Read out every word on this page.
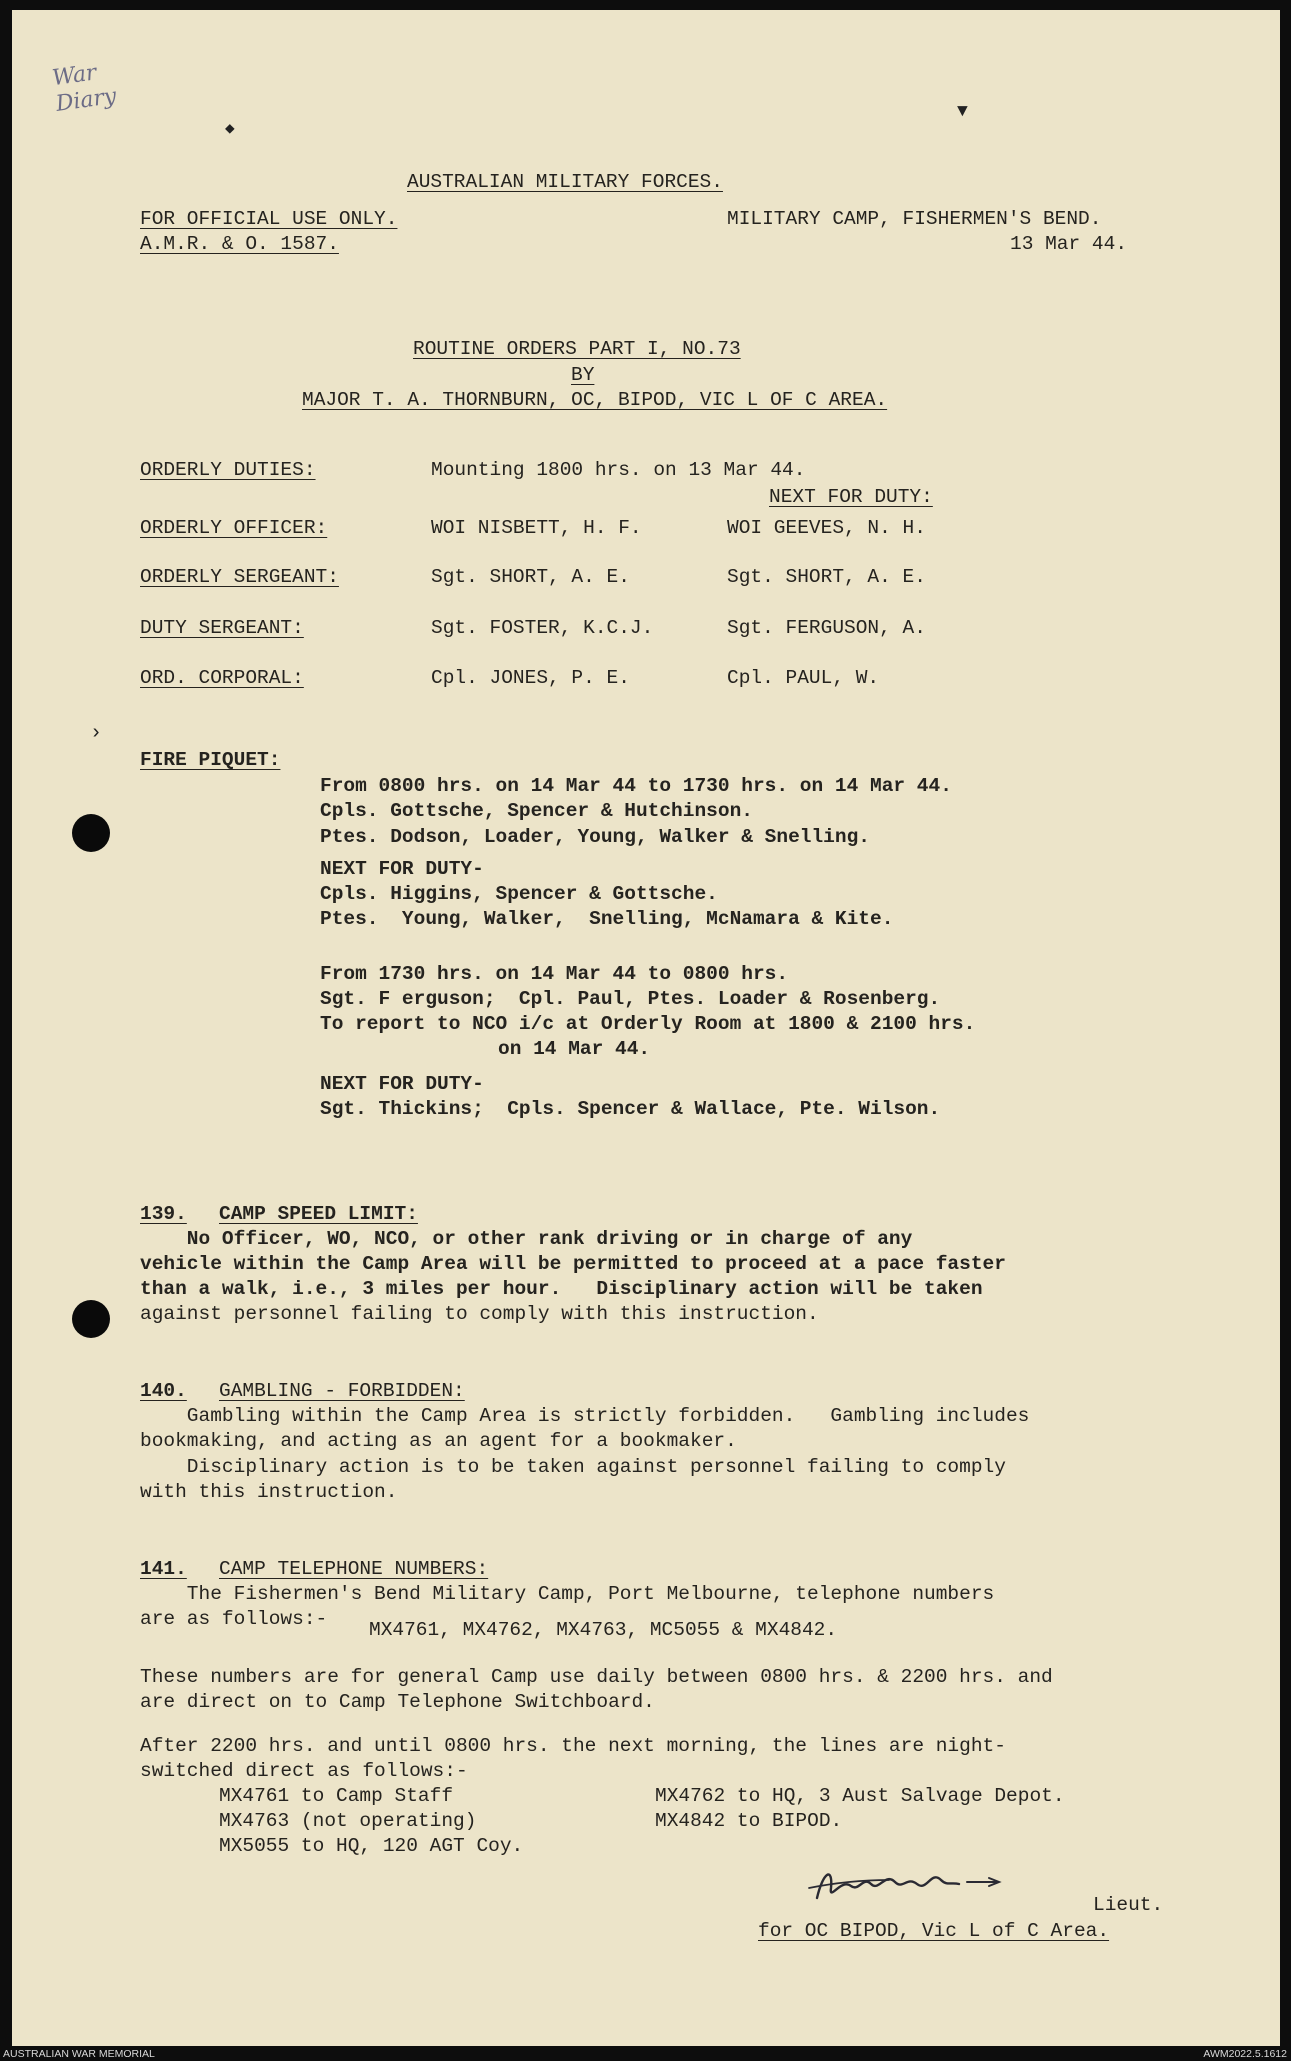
War
Diary
◆
▼
›
AUSTRALIAN MILITARY FORCES.
FOR OFFICIAL USE ONLY.
A.M.R. & O. 1587.
MILITARY CAMP, FISHERMEN'S BEND.
13 Mar 44.
ROUTINE ORDERS PART I, NO.73
BY
MAJOR T. A. THORNBURN, OC, BIPOD, VIC L OF C AREA.
ORDERLY DUTIES:	Mounting 1800 hrs. on 13 Mar 44.
NEXT FOR DUTY:
ORDERLY OFFICER:	WOI NISBETT, H. F.	WOI GEEVES, N. H.
ORDERLY SERGEANT:	Sgt. SHORT, A. E.	Sgt. SHORT, A. E.
DUTY SERGEANT:	Sgt. FOSTER, K.C.J.	Sgt. FERGUSON, A.
ORD. CORPORAL:	Cpl. JONES, P. E.	Cpl. PAUL, W.
FIRE PIQUET:
From 0800 hrs. on 14 Mar 44 to 1730 hrs. on 14 Mar 44.
Cpls. Gottsche, Spencer & Hutchinson.
Ptes. Dodson, Loader, Young, Walker & Snelling.
NEXT FOR DUTY-
Cpls. Higgins, Spencer & Gottsche.
Ptes.  Young, Walker,  Snelling, McNamara & Kite.
From 1730 hrs. on 14 Mar 44 to 0800 hrs.
Sgt. F erguson;  Cpl. Paul, Ptes. Loader & Rosenberg.
To report to NCO i/c at Orderly Room at 1800 & 2100 hrs.
on 14 Mar 44.
NEXT FOR DUTY-
Sgt. Thickins;  Cpls. Spencer & Wallace, Pte. Wilson.
139. CAMP SPEED LIMIT:
No Officer, WO, NCO, or other rank driving or in charge of any
vehicle within the Camp Area will be permitted to proceed at a pace faster
than a walk, i.e., 3 miles per hour.   Disciplinary action will be taken
against personnel failing to comply with this instruction.
140. GAMBLING - FORBIDDEN:
Gambling within the Camp Area is strictly forbidden.   Gambling includes
bookmaking, and acting as an agent for a bookmaker.
Disciplinary action is to be taken against personnel failing to comply
with this instruction.
141. CAMP TELEPHONE NUMBERS:
The Fishermen's Bend Military Camp, Port Melbourne, telephone numbers
are as follows:- MX4761, MX4762, MX4763, MC5055 & MX4842.
These numbers are for general Camp use daily between 0800 hrs. & 2200 hrs. and
are direct on to Camp Telephone Switchboard.
After 2200 hrs. and until 0800 hrs. the next morning, the lines are night-
switched direct as follows:-
MX4761 to Camp Staff	MX4762 to HQ, 3 Aust Salvage Depot.
MX4763 (not operating)	MX4842 to BIPOD.
MX5055 to HQ, 120 AGT Coy.
Lieut.
for OC BIPOD, Vic L of C Area.
AUSTRALIAN WAR MEMORIAL	AWM2022.5.1612
